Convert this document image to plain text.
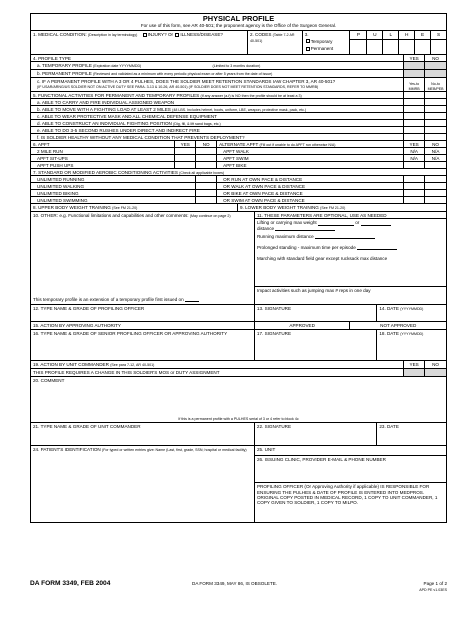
PHYSICAL PROFILE
For use of this form, see AR 40-501; the proponent agency is the Office of the Surgeon General.
1. MEDICAL CONDITION: (Description in lay terminology) INJURY? Or ILLNESS/DISEASE?	2. CODES (Table 7-2 AR 40-501)
3.
Temporary
Permanent
P	U	L	H	E	S
4. PROFILE TYPE	YES	NO
a. TEMPORARY PROFILE (Expiration date YYYYMMDD)	(Limited to 3 months duration)
b. PERMANENT PROFILE (Reviewed and validated as a minimum with every periodic physical exam or after 5 years from the date of issue)
c. IF A PERMANENT PROFILE WITH A 3 OR 4 PULHES, DOES THE SOLDIER MEET RETENTION STANDARDS IAW CHAPTER 3, AR 40-501?
(IF USAR/ARNG/US SOLDIER NOT ON ACTIVE DUTY SEE PARA. 3-13 & 10-26, AR 40-501) (IF SOLDIER DOES NOT MEET RETENTION STANDARDS, REFER TO MMRB)
Yes-to MMRB
No-to MEB/PEB
5. FUNCTIONAL ACTIVITIES FOR PERMANENT AND TEMPORARY PROFILES (If any answer (a-f) is NO then the profile should be at least a 3)
a. ABLE TO CARRY AND FIRE INDIVIDUAL ASSIGNED WEAPON
b. ABLE TO MOVE WITH A FIGHTING LOAD AT LEAST 2 MILES (48 LBS. Includes helmet, boots, uniform, LBE, weapon, protective mask, pack, etc.)
c. ABLE TO WEAR PROTECTIVE MASK AND ALL CHEMICAL DEFENSE EQUIPMENT
d. ABLE TO CONSTRUCT AN INDIVIDUAL FIGHTING POSITION (Dig, fill, & lift sand bags, etc.)
e. ABLE TO DO 3-5 SECOND RUSHES UNDER DIRECT AND INDIRECT FIRE
f. IS SOLDIER HEALTHY WITHOUT ANY MEDICAL CONDITION THAT PREVENTS DEPLOYMENT?
6. APFT	YES	NO	ALTERNATE APFT (Fill out if unable to do APFT run otherwise N/A)	YES	NO
2 MILE RUN	APFT WALK	N/A	N/A
APFT SIT-UPS	APFT SWIM	N/A	N/A
APFT PUSH UPS	APFT BIKE
7. STANDARD OR MODIFIED AEROBIC CONDITIONING ACTIVITIES (Check all applicable boxes)
UNLIMITED RUNNING	OR RUN AT OWN PACE & DISTANCE
UNLIMITED WALKING	OR WALK AT OWN PACE & DISTANCE
UNLIMITED BIKING	OR BIKE AT OWN PACE & DISTANCE
UNLIMITED SWIMMING	OR SWIM AT OWN PACE & DISTANCE
8. UPPER BODY WEIGHT TRAINING (See FM 21-20)	9. LOWER BODY WEIGHT TRAINING (See FM 21-20)
10. OTHER: e.g. Functional limitations and capabilities and other comments: (May continue on page 2)
This temporary profile is an extension of a temporary profile first issued on
11. THESE PARAMETERS ARE OPTIONAL, USE AS NEEDED
Lifting or carrying max weight	or
distance
Running maximum distance
Prolonged standing - maximum time per episode
Marching with standard field gear except rucksack max distance
Impact activities such as jumping max # reps in one day
12. TYPE NAME & GRADE OF PROFILING OFFICER	13. SIGNATURE	14. DATE (YYYYMMDD)
15. ACTION BY APPROVING AUTHORITY	APPROVED	NOT APPROVED
16. TYPE NAME & GRADE OF SENIOR PROFILING OFFICER OR APPROVING AUTHORITY	17. SIGNATURE	18. DATE (YYYYMMDD)
19. ACTION BY UNIT COMMANDER (See para 7-12, AR 40-501)	YES	NO
THIS PROFILE REQUIRES A CHANGE IN THIS SOLDIER'S MOS or DUTY ASSIGNMENT
20. COMMENT
If this is a permanent profile with a PULHES serial of 3 or 4 refer to block 4c
21. TYPE NAME & GRADE OF UNIT COMMANDER	22. SIGNATURE	23. DATE
24. PATIENT'S IDENTIFICATION (For typed or written entries give: Name (Last, first, grade, SSN; hospital or medical facility)	25. UNIT
26. ISSUING CLINIC, PROVIDER E-MAIL & PHONE NUMBER
PROFILING OFFICER (Or Approving Authority if applicable) IS RESPONSIBLE FOR ENSURING THE PULHES & DATE OF PROFILE IS ENTERED INTO MEDPROS. ORIGINAL COPY POSTED IN MEDICAL RECORD, 1 COPY TO UNIT COMMANDER, 1 COPY GIVEN TO SOLDIER, 1 COPY TO MILPO.
DA FORM 3349, FEB 2004	DA FORM 3349, MAY 86, IS OBSOLETE.	Page 1 of 2
APD PE v1.03ES
